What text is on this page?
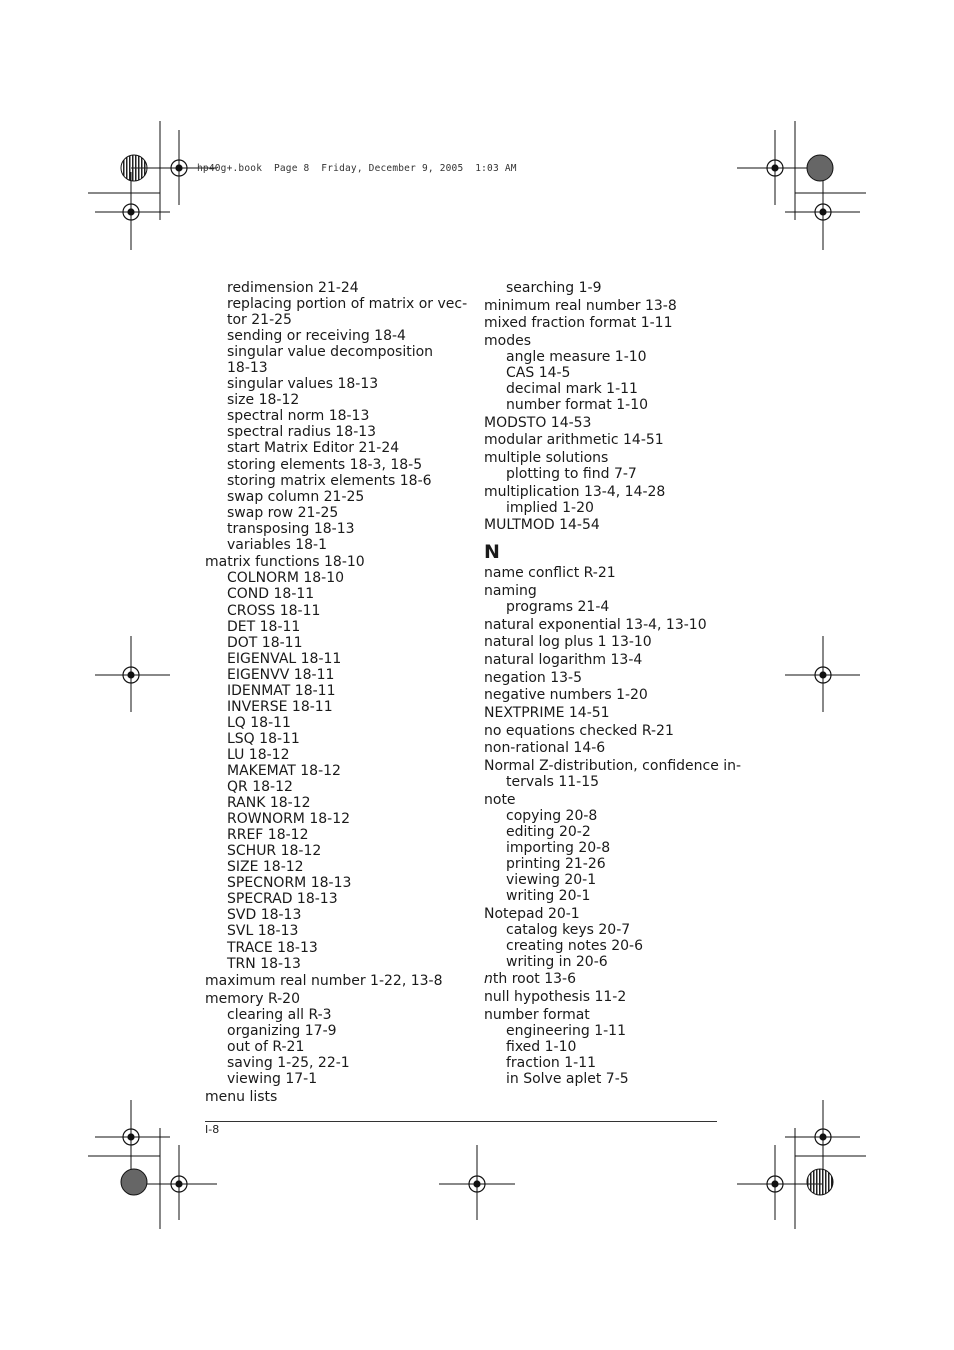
hp40g+.book  Page 8  Friday, December 9, 2005  1:03 AM
redimension 21-24
replacing portion of matrix or vec-
tor 21-25
sending or receiving 18-4
singular value decomposition
18-13
singular values 18-13
size 18-12
spectral norm 18-13
spectral radius 18-13
start Matrix Editor 21-24
storing elements 18-3, 18-5
storing matrix elements 18-6
swap column 21-25
swap row 21-25
transposing 18-13
variables 18-1
matrix functions 18-10
COLNORM 18-10
COND 18-11
CROSS 18-11
DET 18-11
DOT 18-11
EIGENVAL 18-11
EIGENVV 18-11
IDENMAT 18-11
INVERSE 18-11
LQ 18-11
LSQ 18-11
LU 18-12
MAKEMAT 18-12
QR 18-12
RANK 18-12
ROWNORM 18-12
RREF 18-12
SCHUR 18-12
SIZE 18-12
SPECNORM 18-13
SPECRAD 18-13
SVD 18-13
SVL 18-13
TRACE 18-13
TRN 18-13
maximum real number 1-22, 13-8
memory R-20
clearing all R-3
organizing 17-9
out of R-21
saving 1-25, 22-1
viewing 17-1
menu lists
searching 1-9
minimum real number 13-8
mixed fraction format 1-11
modes
angle measure 1-10
CAS 14-5
decimal mark 1-11
number format 1-10
MODSTO 14-53
modular arithmetic 14-51
multiple solutions
plotting to find 7-7
multiplication 13-4, 14-28
implied 1-20
MULTMOD 14-54
N
name conflict R-21
naming
programs 21-4
natural exponential 13-4, 13-10
natural log plus 1 13-10
natural logarithm 13-4
negation 13-5
negative numbers 1-20
NEXTPRIME 14-51
no equations checked R-21
non-rational 14-6
Normal Z-distribution, confidence in-
tervals 11-15
note
copying 20-8
editing 20-2
importing 20-8
printing 21-26
viewing 20-1
writing 20-1
Notepad 20-1
catalog keys 20-7
creating notes 20-6
writing in 20-6
nth root 13-6
null hypothesis 11-2
number format
engineering 1-11
fixed 1-10
fraction 1-11
in Solve aplet 7-5
I-8
